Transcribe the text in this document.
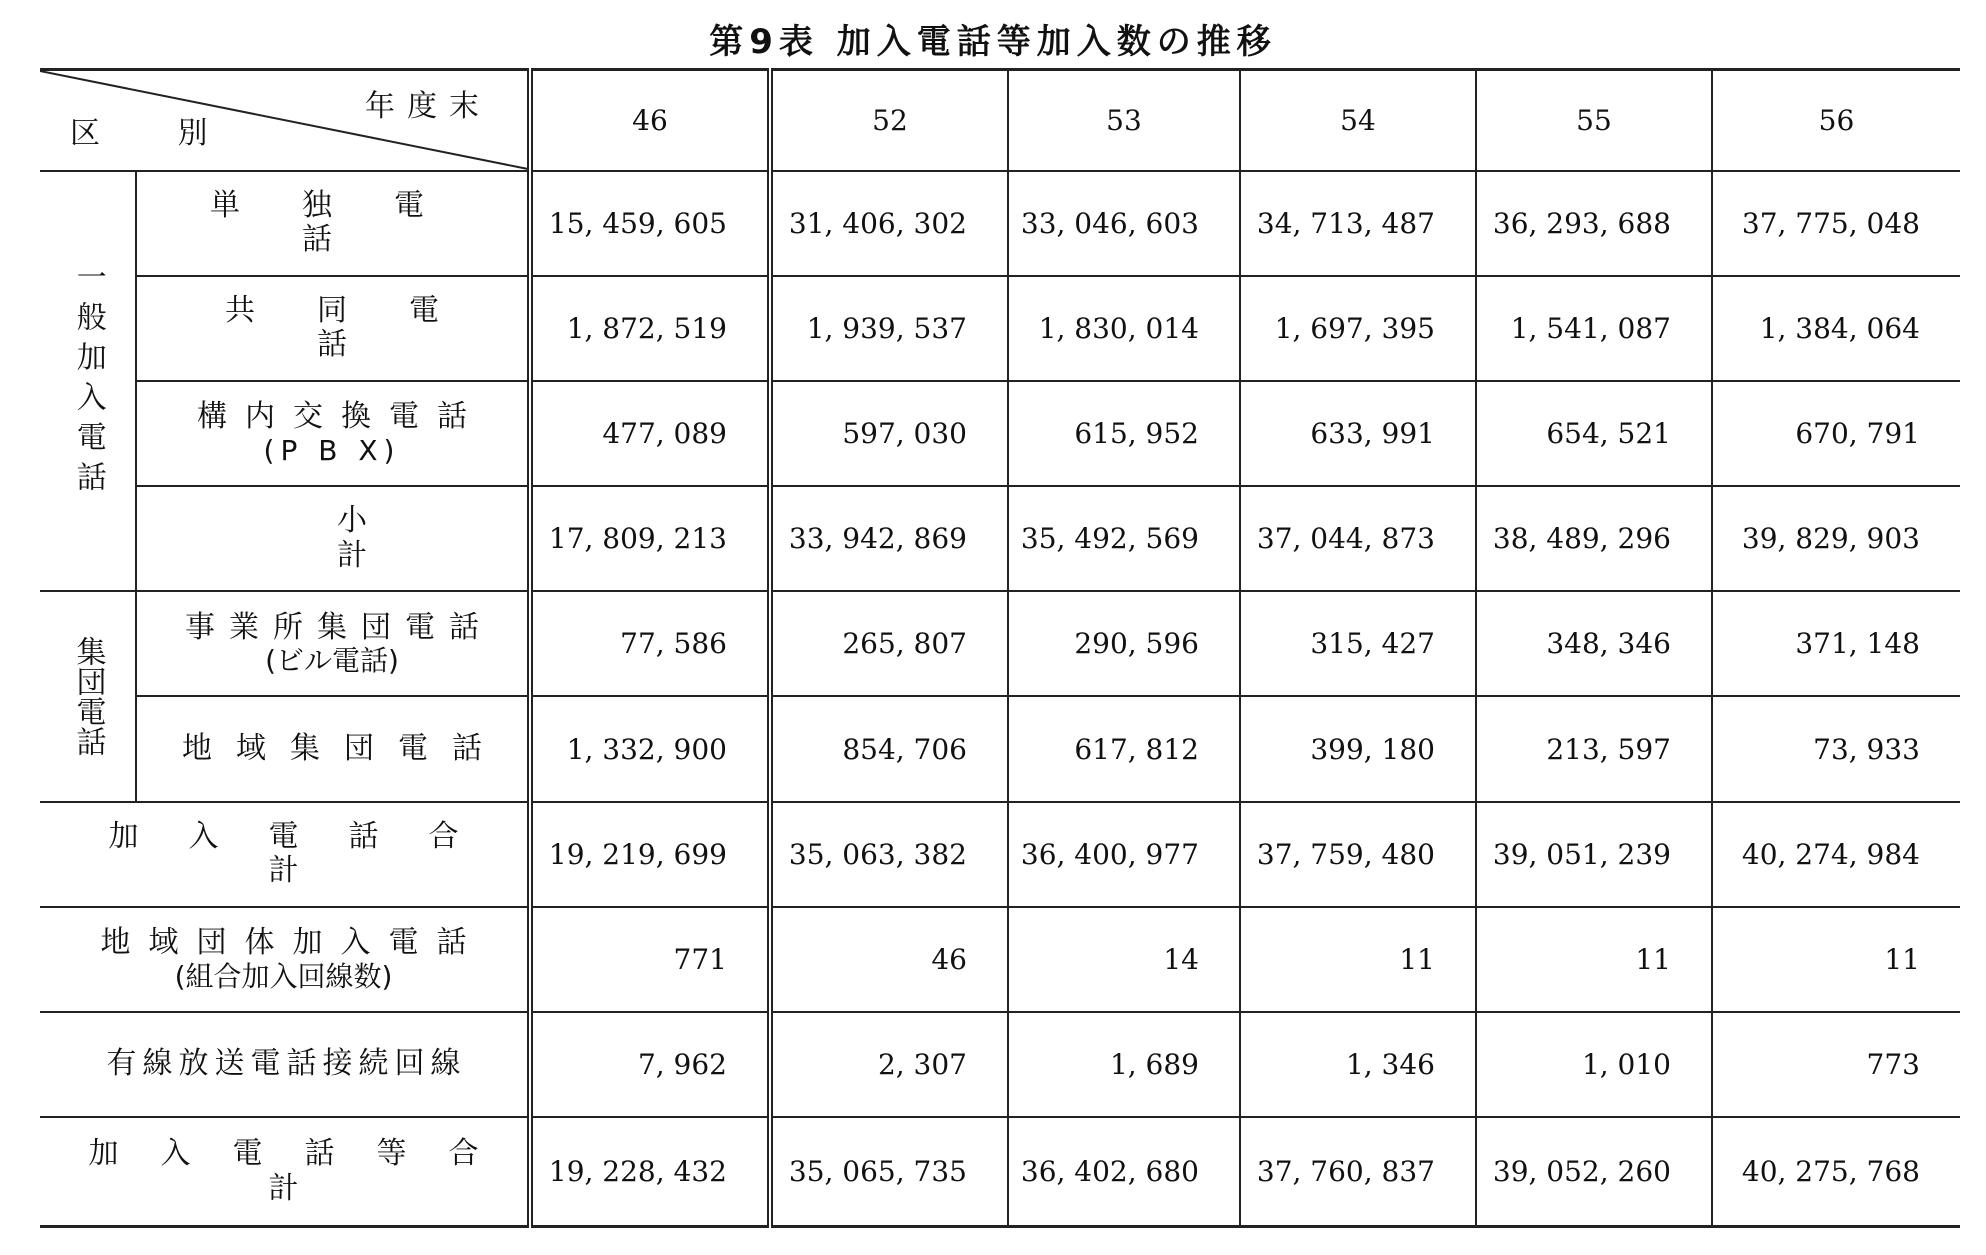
第9表 加入電話等加入数の推移
年度末
区 別		46	52	53	54	55	56
一般加入電話	単独電話	15, 459, 605	31, 406, 302	33, 046, 603	34, 713, 487	36, 293, 688	37, 775, 048

	共同電話	1, 872, 519	1, 939, 537	1, 830, 014	1, 697, 395	1, 541, 087	1, 384, 064

	構内交換電話
(P B X)	477, 089	597, 030	615, 952	633, 991	654, 521	670, 791

	小計	17, 809, 213	33, 942, 869	35, 492, 569	37, 044, 873	38, 489, 296	39, 829, 903
集団電話	事業所集団電話
(ビル電話)	77, 586	265, 807	290, 596	315, 427	348, 346	371, 148

	地域集団電話	1, 332, 900	854, 706	617, 812	399, 180	213, 597	73, 933

加入電話合計		19, 219, 699	35, 063, 382	36, 400, 977	37, 759, 480	39, 051, 239	40, 274, 984

地域団体加入電話
(組合加入回線数)		771	46	14	11	11	11

有線放送電話接続回線		7, 962	2, 307	1, 689	1, 346	1, 010	773

加入電話等合計		19, 228, 432	35, 065, 735	36, 402, 680	37, 760, 837	39, 052, 260	40, 275, 768
